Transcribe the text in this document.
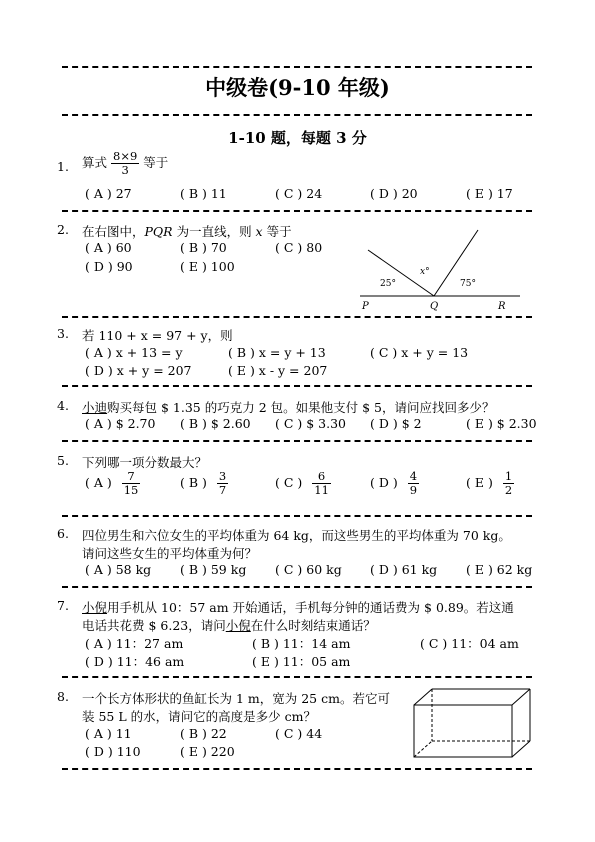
中级卷(9-10 年级)
1-10 题，每题 3 分
1.	算式 $\frac{8\times 9}{3}$ 等于
( A ) 27	( B ) 11	( C ) 24	( D ) 20	( E ) 17
2.	在右图中，PQR 为一直线，则 x 等于
( A ) 60	( B ) 70	( C ) 80
( D ) 90	( E ) 100
25°
x°
75°
P	Q	R
3.	若 110 + x = 97 + y，则
( A ) x + 13 = y	( B ) x = y + 13	( C ) x + y = 13
( D ) x + y = 207	( E ) x - y = 207
4.	小迪购买每包 $ 1.35 的巧克力 2 包。如果他支付 $ 5，请问应找回多少？
( A ) $ 2.70 ( B ) $ 2.60 ( C ) $ 3.30 ( D ) $ 2	( E ) $ 2.30
5.	下列哪一项分数最大？
( A ) $\frac{7}{15}$	( B ) $\frac{3}{7}$	( C ) $\frac{6}{11}$	( D ) $\frac{4}{9}$	( E ) $\frac{1}{2}$
6.	四位男生和六位女生的平均体重为 64 kg，而这些男生的平均体重为 70 kg。
请问这些女生的平均体重为何？
( A ) 58 kg ( B ) 59 kg ( C ) 60 kg ( D ) 61 kg ( E ) 62 kg
7.	小倪用手机从 10：57 am 开始通话，手机每分钟的通话费为 $ 0.89。若这通
电话共花费 $ 6.23，请问小倪在什么时刻结束通话？
( A ) 11：27 am	( B ) 11：14 am	( C ) 11：04 am
( D ) 11：46 am	( E ) 11：05 am
8.	一个长方体形状的鱼缸长为 1 m，宽为 25 cm。若它可
装 55 L 的水，请问它的高度是多少 cm？
( A ) 11	( B ) 22	( C ) 44
( D ) 110	( E ) 220
